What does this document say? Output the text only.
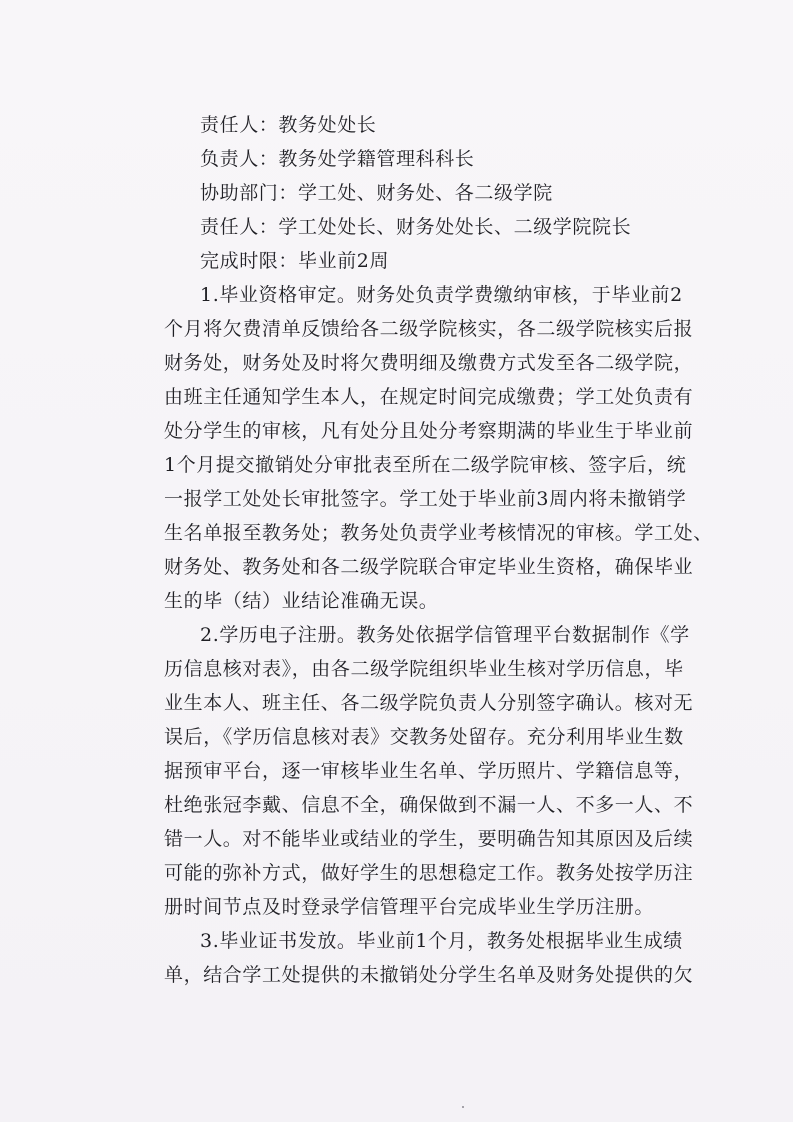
责任人：教务处处长
负责人：教务处学籍管理科科长
协助部门：学工处、财务处、各二级学院
责任人：学工处处长、财务处处长、二级学院院长
完成时限：毕业前2周
1.毕业资格审定。财务处负责学费缴纳审核，于毕业前2
个月将欠费清单反馈给各二级学院核实，各二级学院核实后报
财务处，财务处及时将欠费明细及缴费方式发至各二级学院，
由班主任通知学生本人，在规定时间完成缴费；学工处负责有
处分学生的审核，凡有处分且处分考察期满的毕业生于毕业前
1个月提交撤销处分审批表至所在二级学院审核、签字后，统
一报学工处处长审批签字。学工处于毕业前3周内将未撤销学
生名单报至教务处；教务处负责学业考核情况的审核。学工处、
财务处、教务处和各二级学院联合审定毕业生资格，确保毕业
生的毕（结）业结论准确无误。
2.学历电子注册。教务处依据学信管理平台数据制作《学
历信息核对表》，由各二级学院组织毕业生核对学历信息，毕
业生本人、班主任、各二级学院负责人分别签字确认。核对无
误后，《学历信息核对表》交教务处留存。充分利用毕业生数
据预审平台，逐一审核毕业生名单、学历照片、学籍信息等，
杜绝张冠李戴、信息不全，确保做到不漏一人、不多一人、不
错一人。对不能毕业或结业的学生，要明确告知其原因及后续
可能的弥补方式，做好学生的思想稳定工作。教务处按学历注
册时间节点及时登录学信管理平台完成毕业生学历注册。
3.毕业证书发放。毕业前1个月，教务处根据毕业生成绩
单，结合学工处提供的未撤销处分学生名单及财务处提供的欠
